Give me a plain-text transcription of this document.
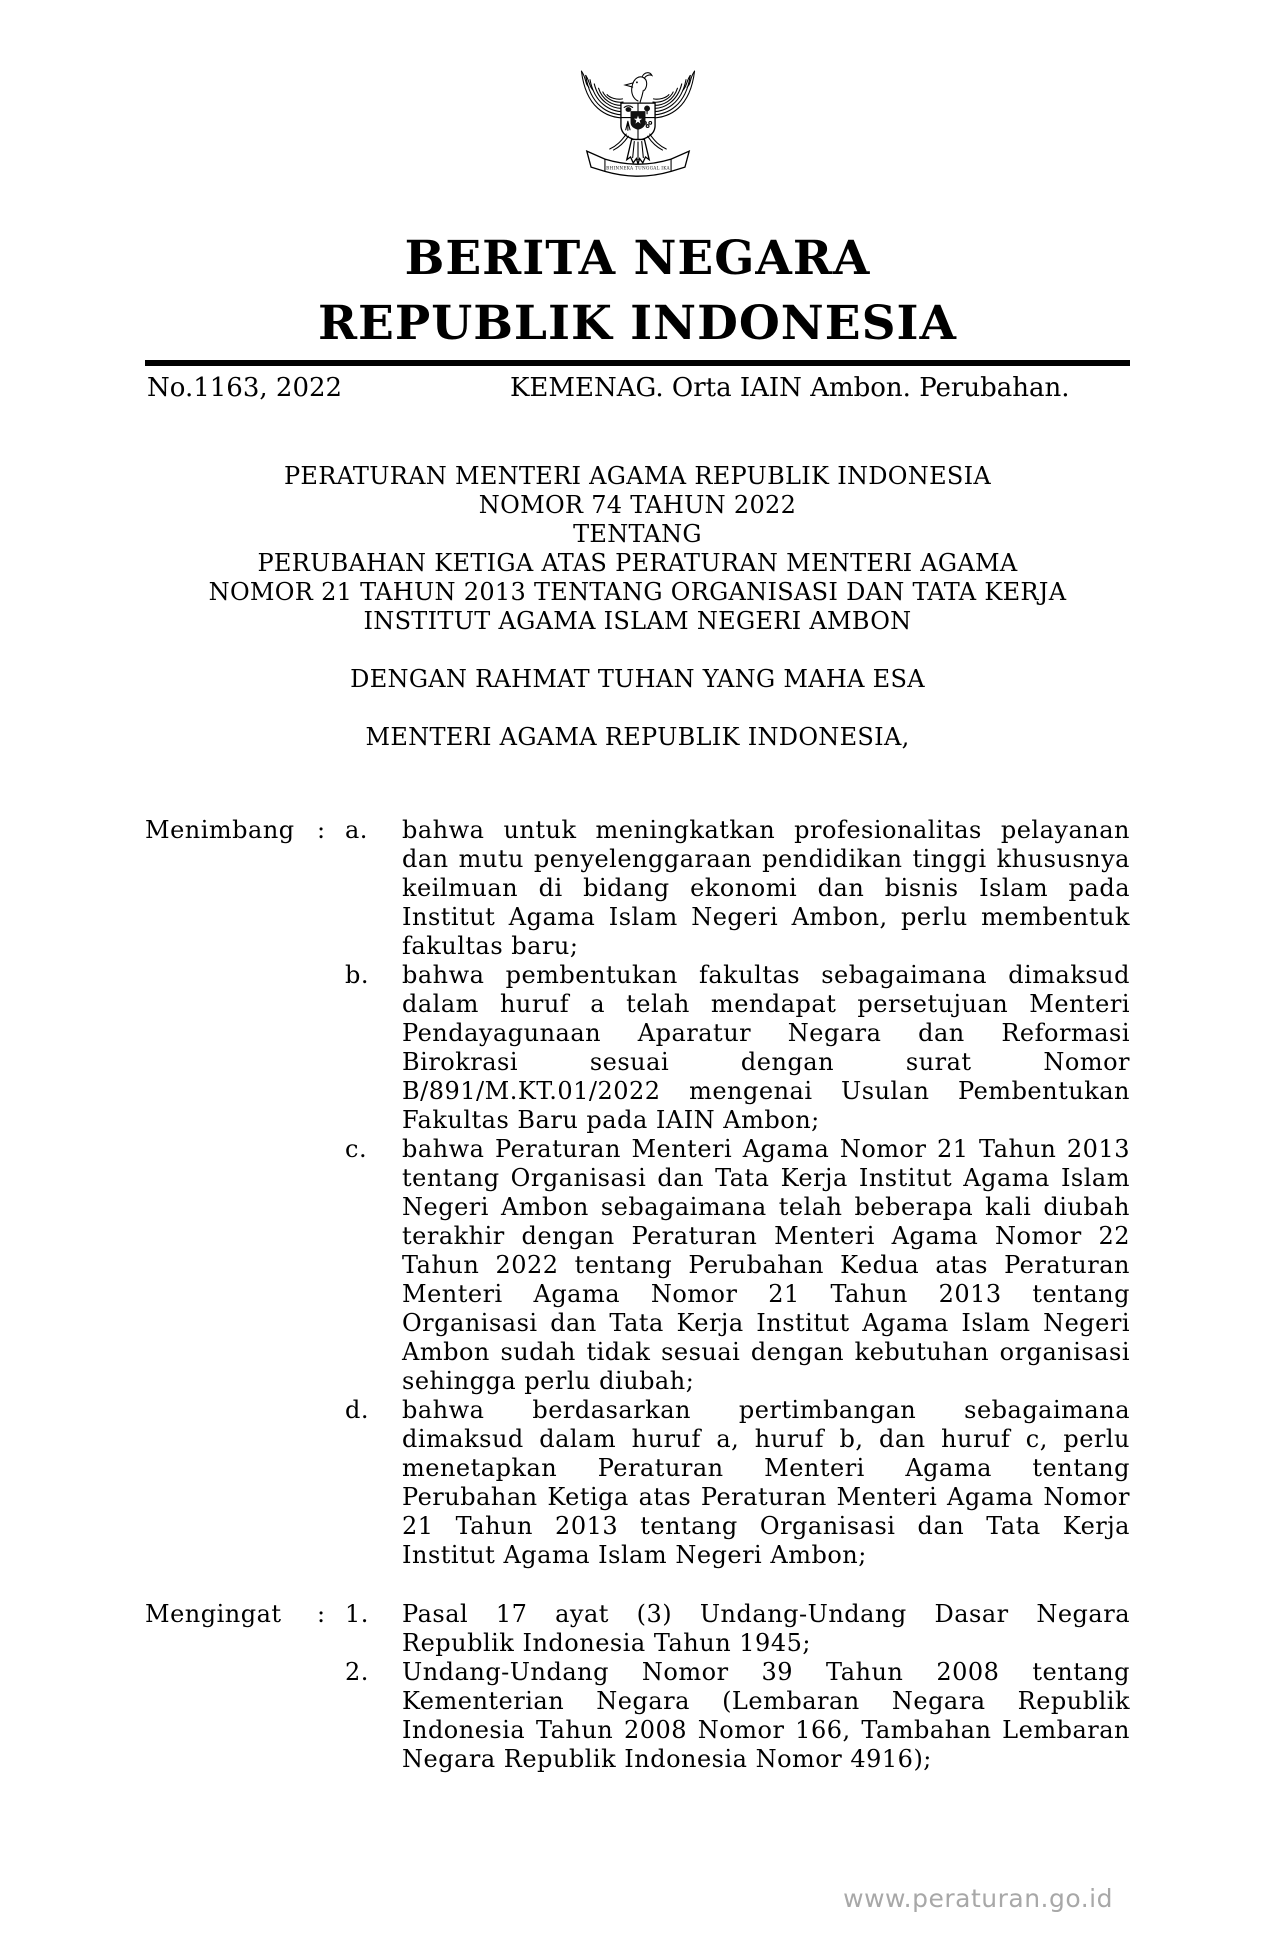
BHINNEKA TUNGGAL IKA
BERITA NEGARA
REPUBLIK INDONESIA
No.1163, 2022	KEMENAG. Orta IAIN Ambon. Perubahan.
PERATURAN MENTERI AGAMA REPUBLIK INDONESIA
NOMOR 74 TAHUN 2022
TENTANG
PERUBAHAN KETIGA ATAS PERATURAN MENTERI AGAMA
NOMOR 21 TAHUN 2013 TENTANG ORGANISASI DAN TATA KERJA
INSTITUT AGAMA ISLAM NEGERI AMBON
DENGAN RAHMAT TUHAN YANG MAHA ESA
MENTERI AGAMA REPUBLIK INDONESIA,
Menimbang : a.	bahwa untuk meningkatkan profesionalitas pelayanan dan mutu penyelenggaraan pendidikan tinggi khususnya keilmuan di bidang ekonomi dan bisnis Islam pada Institut Agama Islam Negeri Ambon, perlu membentuk fakultas baru;
b.	bahwa pembentukan fakultas sebagaimana dimaksud dalam huruf a telah mendapat persetujuan Menteri Pendayagunaan Aparatur Negara dan Reformasi Birokrasi sesuai dengan surat Nomor B/891/M.KT.01/2022 mengenai Usulan Pembentukan Fakultas Baru pada IAIN Ambon;
c.	bahwa Peraturan Menteri Agama Nomor 21 Tahun 2013 tentang Organisasi dan Tata Kerja Institut Agama Islam Negeri Ambon sebagaimana telah beberapa kali diubah terakhir dengan Peraturan Menteri Agama Nomor 22 Tahun 2022 tentang Perubahan Kedua atas Peraturan Menteri Agama Nomor 21 Tahun 2013 tentang Organisasi dan Tata Kerja Institut Agama Islam Negeri Ambon sudah tidak sesuai dengan kebutuhan organisasi sehingga perlu diubah;
d.	bahwa berdasarkan pertimbangan sebagaimana dimaksud dalam huruf a, huruf b, dan huruf c, perlu menetapkan Peraturan Menteri Agama tentang Perubahan Ketiga atas Peraturan Menteri Agama Nomor 21 Tahun 2013 tentang Organisasi dan Tata Kerja Institut Agama Islam Negeri Ambon;
Mengingat	: 1.	Pasal 17 ayat (3) Undang-Undang Dasar Negara Republik Indonesia Tahun 1945;
2.	Undang-Undang Nomor 39 Tahun 2008 tentang Kementerian Negara (Lembaran Negara Republik Indonesia Tahun 2008 Nomor 166, Tambahan Lembaran Negara Republik Indonesia Nomor 4916);
www.peraturan.go.id
